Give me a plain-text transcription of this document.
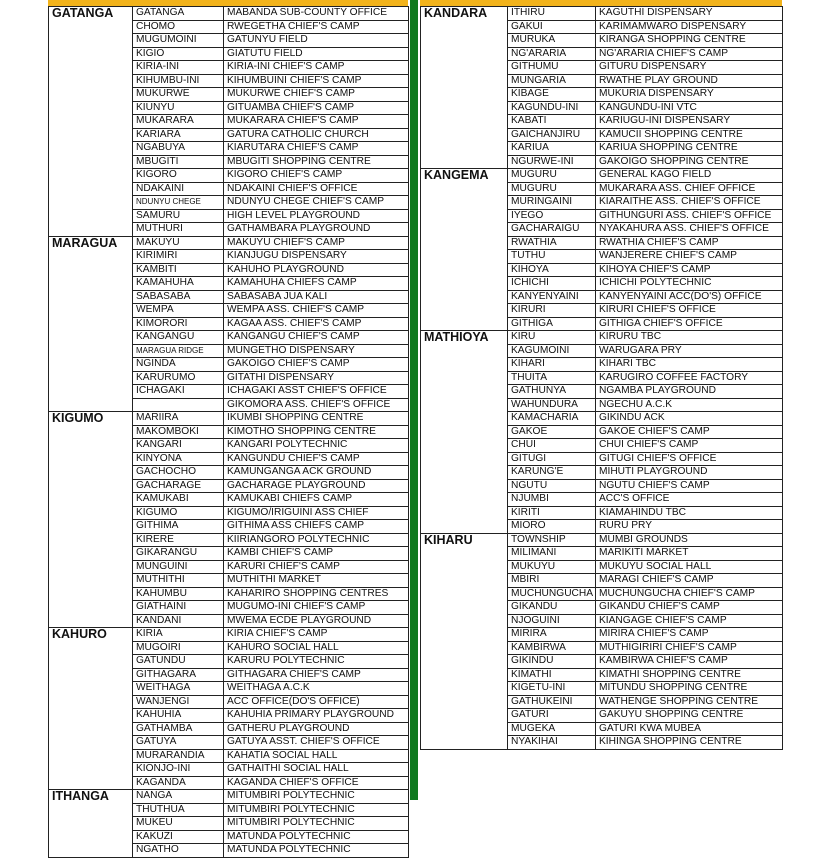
GATANGA	GATANGA	MABANDA SUB-COUNTY OFFICE
	CHOMO	RWEGETHA CHIEF'S CAMP
	MUGUMOINI	GATUNYU FIELD
	KIGIO	GIATUTU FIELD
	KIRIA-INI	KIRIA-INI CHIEF'S CAMP
	KIHUMBU-INI	KIHUMBUINI CHIEF'S CAMP
	MUKURWE	MUKURWE CHIEF'S CAMP
	KIUNYU	GITUAMBA CHIEF'S CAMP
	MUKARARA	MUKARARA CHIEF'S CAMP
	KARIARA	GATURA CATHOLIC CHURCH
	NGABUYA	KIARUTARA CHIEF'S CAMP
	MBUGITI	MBUGITI SHOPPING CENTRE
	KIGORO	KIGORO CHIEF'S CAMP
	NDAKAINI	NDAKAINI CHIEF'S OFFICE
	NDUNYU CHEGE	NDUNYU CHEGE CHIEF'S CAMP
	SAMURU	HIGH LEVEL PLAYGROUND
	MUTHURI	GATHAMBARA PLAYGROUND
MARAGUA	MAKUYU	MAKUYU CHIEF'S CAMP
	KIRIMIRI	KIANJUGU DISPENSARY
	KAMBITI	KAHUHO PLAYGROUND
	KAMAHUHA	KAMAHUHA CHIEFS CAMP
	SABASABA	SABASABA JUA KALI
	WEMPA	WEMPA ASS. CHIEF'S CAMP
	KIMORORI	KAGAA ASS. CHIEF'S CAMP
	KANGANGU	KANGANGU CHIEF'S CAMP
	MARAGUA RIDGE	MUNGETHO DISPENSARY
	NGINDA	GAKOIGO CHIEF'S CAMP
	KARURUMO	GITATHI DISPENSARY
	ICHAGAKI	ICHAGAKI ASST CHIEF'S OFFICE
		GIKOMORA ASS. CHIEF'S OFFICE
KIGUMO	MARIIRA	IKUMBI SHOPPING CENTRE
	MAKOMBOKI	KIMOTHO SHOPPING CENTRE
	KANGARI	KANGARI POLYTECHNIC
	KINYONA	KANGUNDU CHIEF'S CAMP
	GACHOCHO	KAMUNGANGA ACK GROUND
	GACHARAGE	GACHARAGE PLAYGROUND
	KAMUKABI	KAMUKABI CHIEFS CAMP
	KIGUMO	KIGUMO/IRIGUINI ASS CHIEF
	GITHIMA	GITHIMA ASS CHIEFS CAMP
	KIRERE	KIIRIANGORO POLYTECHNIC
	GIKARANGU	KAMBI CHIEF'S CAMP
	MUNGUINI	KARURI CHIEF'S CAMP
	MUTHITHI	MUTHITHI MARKET
	KAHUMBU	KAHARIRO SHOPPING CENTRES
	GIATHAINI	MUGUMO-INI CHIEF'S CAMP
	KANDANI	MWEMA ECDE PLAYGROUND
KAHURO	KIRIA	KIRIA CHIEF'S CAMP
	MUGOIRI	KAHURO SOCIAL HALL
	GATUNDU	KARURU POLYTECHNIC
	GITHAGARA	GITHAGARA CHIEF'S CAMP
	WEITHAGA	WEITHAGA A.C.K
	WANJENGI	ACC OFFICE(DO'S OFFICE)
	KAHUHIA	KAHUHIA PRIMARY PLAYGROUND
	GATHAMBA	GATHERU PLAYGROUND
	GATUYA	GATUYA ASST. CHIEF'S OFFICE
	MURARANDIA	KAHATIA SOCIAL HALL
	KIONJO-INI	GATHAITHI SOCIAL HALL
	KAGANDA	KAGANDA CHIEF'S OFFICE
ITHANGA	NANGA	MITUMBIRI POLYTECHNIC
	THUTHUA	MITUMBIRI POLYTECHNIC
	MUKEU	MITUMBIRI POLYTECHNIC
	KAKUZI	MATUNDA POLYTECHNIC
	NGATHO	MATUNDA POLYTECHNIC
KANDARA	ITHIRU	KAGUTHI DISPENSARY
	GAKUI	KARIMAMWARO DISPENSARY
	MURUKA	KIRANGA SHOPPING CENTRE
	NG'ARARIA	NG'ARARIA CHIEF'S CAMP
	GITHUMU	GITURU DISPENSARY
	MUNGARIA	RWATHE PLAY GROUND
	KIBAGE	MUKURIA DISPENSARY
	KAGUNDU-INI	KANGUNDU-INI VTC
	KABATI	KARIUGU-INI DISPENSARY
	GAICHANJIRU	KAMUCII SHOPPING CENTRE
	KARIUA	KARIUA SHOPPING CENTRE
	NGURWE-INI	GAKOIGO SHOPPING CENTRE
KANGEMA	MUGURU	GENERAL KAGO FIELD
	MUGURU	MUKARARA ASS. CHIEF OFFICE
	MURINGAINI	KIARAITHE ASS. CHIEF'S OFFICE
	IYEGO	GITHUNGURI ASS. CHIEF'S OFFICE
	GACHARAIGU	NYAKAHURA ASS. CHIEF'S OFFICE
	RWATHIA	RWATHIA CHIEF'S CAMP
	TUTHU	WANJERERE CHIEF'S CAMP
	KIHOYA	KIHOYA CHIEF'S CAMP
	ICHICHI	ICHICHI POLYTECHNIC
	KANYENYAINI	KANYENYAINI ACC(DO'S) OFFICE
	KIRURI	KIRURI CHIEF'S OFFICE
	GITHIGA	GITHIGA CHIEF'S OFFICE
MATHIOYA	KIRU	KIRURU TBC
	KAGUMOINI	WARUGARA PRY
	KIHARI	KIHARI TBC
	THUITA	KARUGIRO COFFEE FACTORY
	GATHUNYA	NGAMBA PLAYGROUND
	WAHUNDURA	NGECHU A.C.K
	KAMACHARIA	GIKINDU ACK
	GAKOE	GAKOE CHIEF'S CAMP
	CHUI	CHUI CHIEF'S CAMP
	GITUGI	GITUGI CHIEF'S OFFICE
	KARUNG'E	MIHUTI PLAYGROUND
	NGUTU	NGUTU CHIEF'S CAMP
	NJUMBI	ACC'S OFFICE
	KIRITI	KIAMAHINDU TBC
	MIORO	RURU PRY
KIHARU	TOWNSHIP	MUMBI GROUNDS
	MILIMANI	MARIKITI MARKET
	MUKUYU	MUKUYU SOCIAL HALL
	MBIRI	MARAGI CHIEF'S CAMP
	MUCHUNGUCHA	MUCHUNGUCHA CHIEF'S CAMP
	GIKANDU	GIKANDU CHIEF'S CAMP
	NJOGUINI	KIANGAGE CHIEF'S CAMP
	MIRIRA	MIRIRA CHIEF'S CAMP
	KAMBIRWA	MUTHIGIRIRI CHIEF'S CAMP
	GIKINDU	KAMBIRWA CHIEF'S CAMP
	KIMATHI	KIMATHI SHOPPING CENTRE
	KIGETU-INI	MITUNDU SHOPPING CENTRE
	GATHUKEINI	WATHENGE SHOPPING CENTRE
	GATURI	GAKUYU SHOPPING CENTRE
	MUGEKA	GATURI KWA MUBEA
	NYAKIHAI	KIHINGA SHOPPING CENTRE
